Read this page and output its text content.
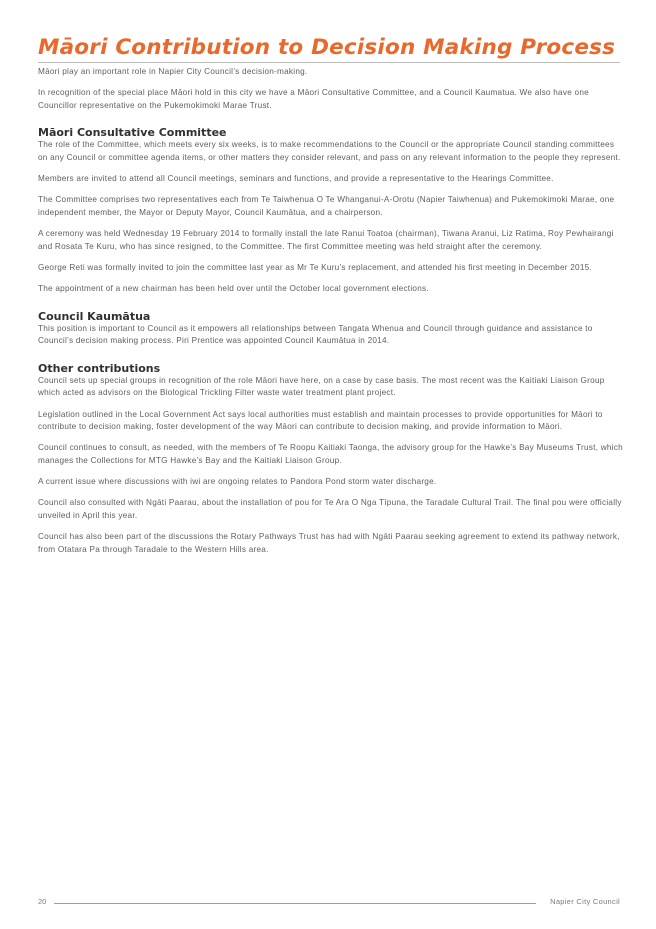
Māori Contribution to Decision Making Process

Māori play an important role in Napier City Council’s decision-making.

In recognition of the special place Māori hold in this city we have a Māori Consultative Committee, and a Council Kaumatua. We also have one Councillor representative on the Pukemokimoki Marae Trust.

Māori Consultative Committee

The role of the Committee, which meets every six weeks, is to make recommendations to the Council or the appropriate Council standing committees on any Council or committee agenda items, or other matters they consider relevant, and pass on any relevant information to the people they represent.

Members are invited to attend all Council meetings, seminars and functions, and provide a representative to the Hearings Committee.

The Committee comprises two representatives each from Te Taiwhenua O Te Whanganui-A-Orotu (Napier Taiwhenua) and Pukemokimoki Marae, one independent member, the Mayor or Deputy Mayor, Council Kaumātua, and a chairperson.

A ceremony was held Wednesday 19 February 2014 to formally install the late Ranui Toatoa (chairman), Tiwana Aranui, Liz Ratima, Roy Pewhairangi and Rosata Te Kuru, who has since resigned, to the Committee. The first Committee meeting was held straight after the ceremony.

George Reti was formally invited to join the committee last year as Mr Te Kuru’s replacement, and attended his first meeting in December 2015.

The appointment of a new chairman has been held over until the October local government elections.

Council Kaumātua

This position is important to Council as it empowers all relationships between Tangata Whenua and Council through guidance and assistance to Council’s decision making process. Piri Prentice was appointed Council Kaumātua in 2014.

Other contributions

Council sets up special groups in recognition of the role Māori have here, on a case by case basis. The most recent was the Kaitiaki Liaison Group which acted as advisors on the Biological Trickling Filter waste water treatment plant project.

Legislation outlined in the Local Government Act says local authorities must establish and maintain processes to provide opportunities for Māori to contribute to decision making, foster development of the way Māori can contribute to decision making, and provide information to Māori.

Council continues to consult, as needed, with the members of Te Roopu Kaitiaki Taonga, the advisory group for the Hawke’s Bay Museums Trust, which manages the Collections for MTG Hawke’s Bay and the Kaitiaki Liaison Group.

A current issue where discussions with iwi are ongoing relates to Pandora Pond storm water discharge.

Council also consulted with Ngāti Paarau, about the installation of pou for Te Ara O Nga Tīpuna, the Taradale Cultural Trail. The final pou were officially unveiled in April this year.

Council has also been part of the discussions the Rotary Pathways Trust has had with Ngāti Paarau seeking agreement to extend its pathway network, from Otatara Pa through Taradale to the Western Hills area.

20	Napier City Council
